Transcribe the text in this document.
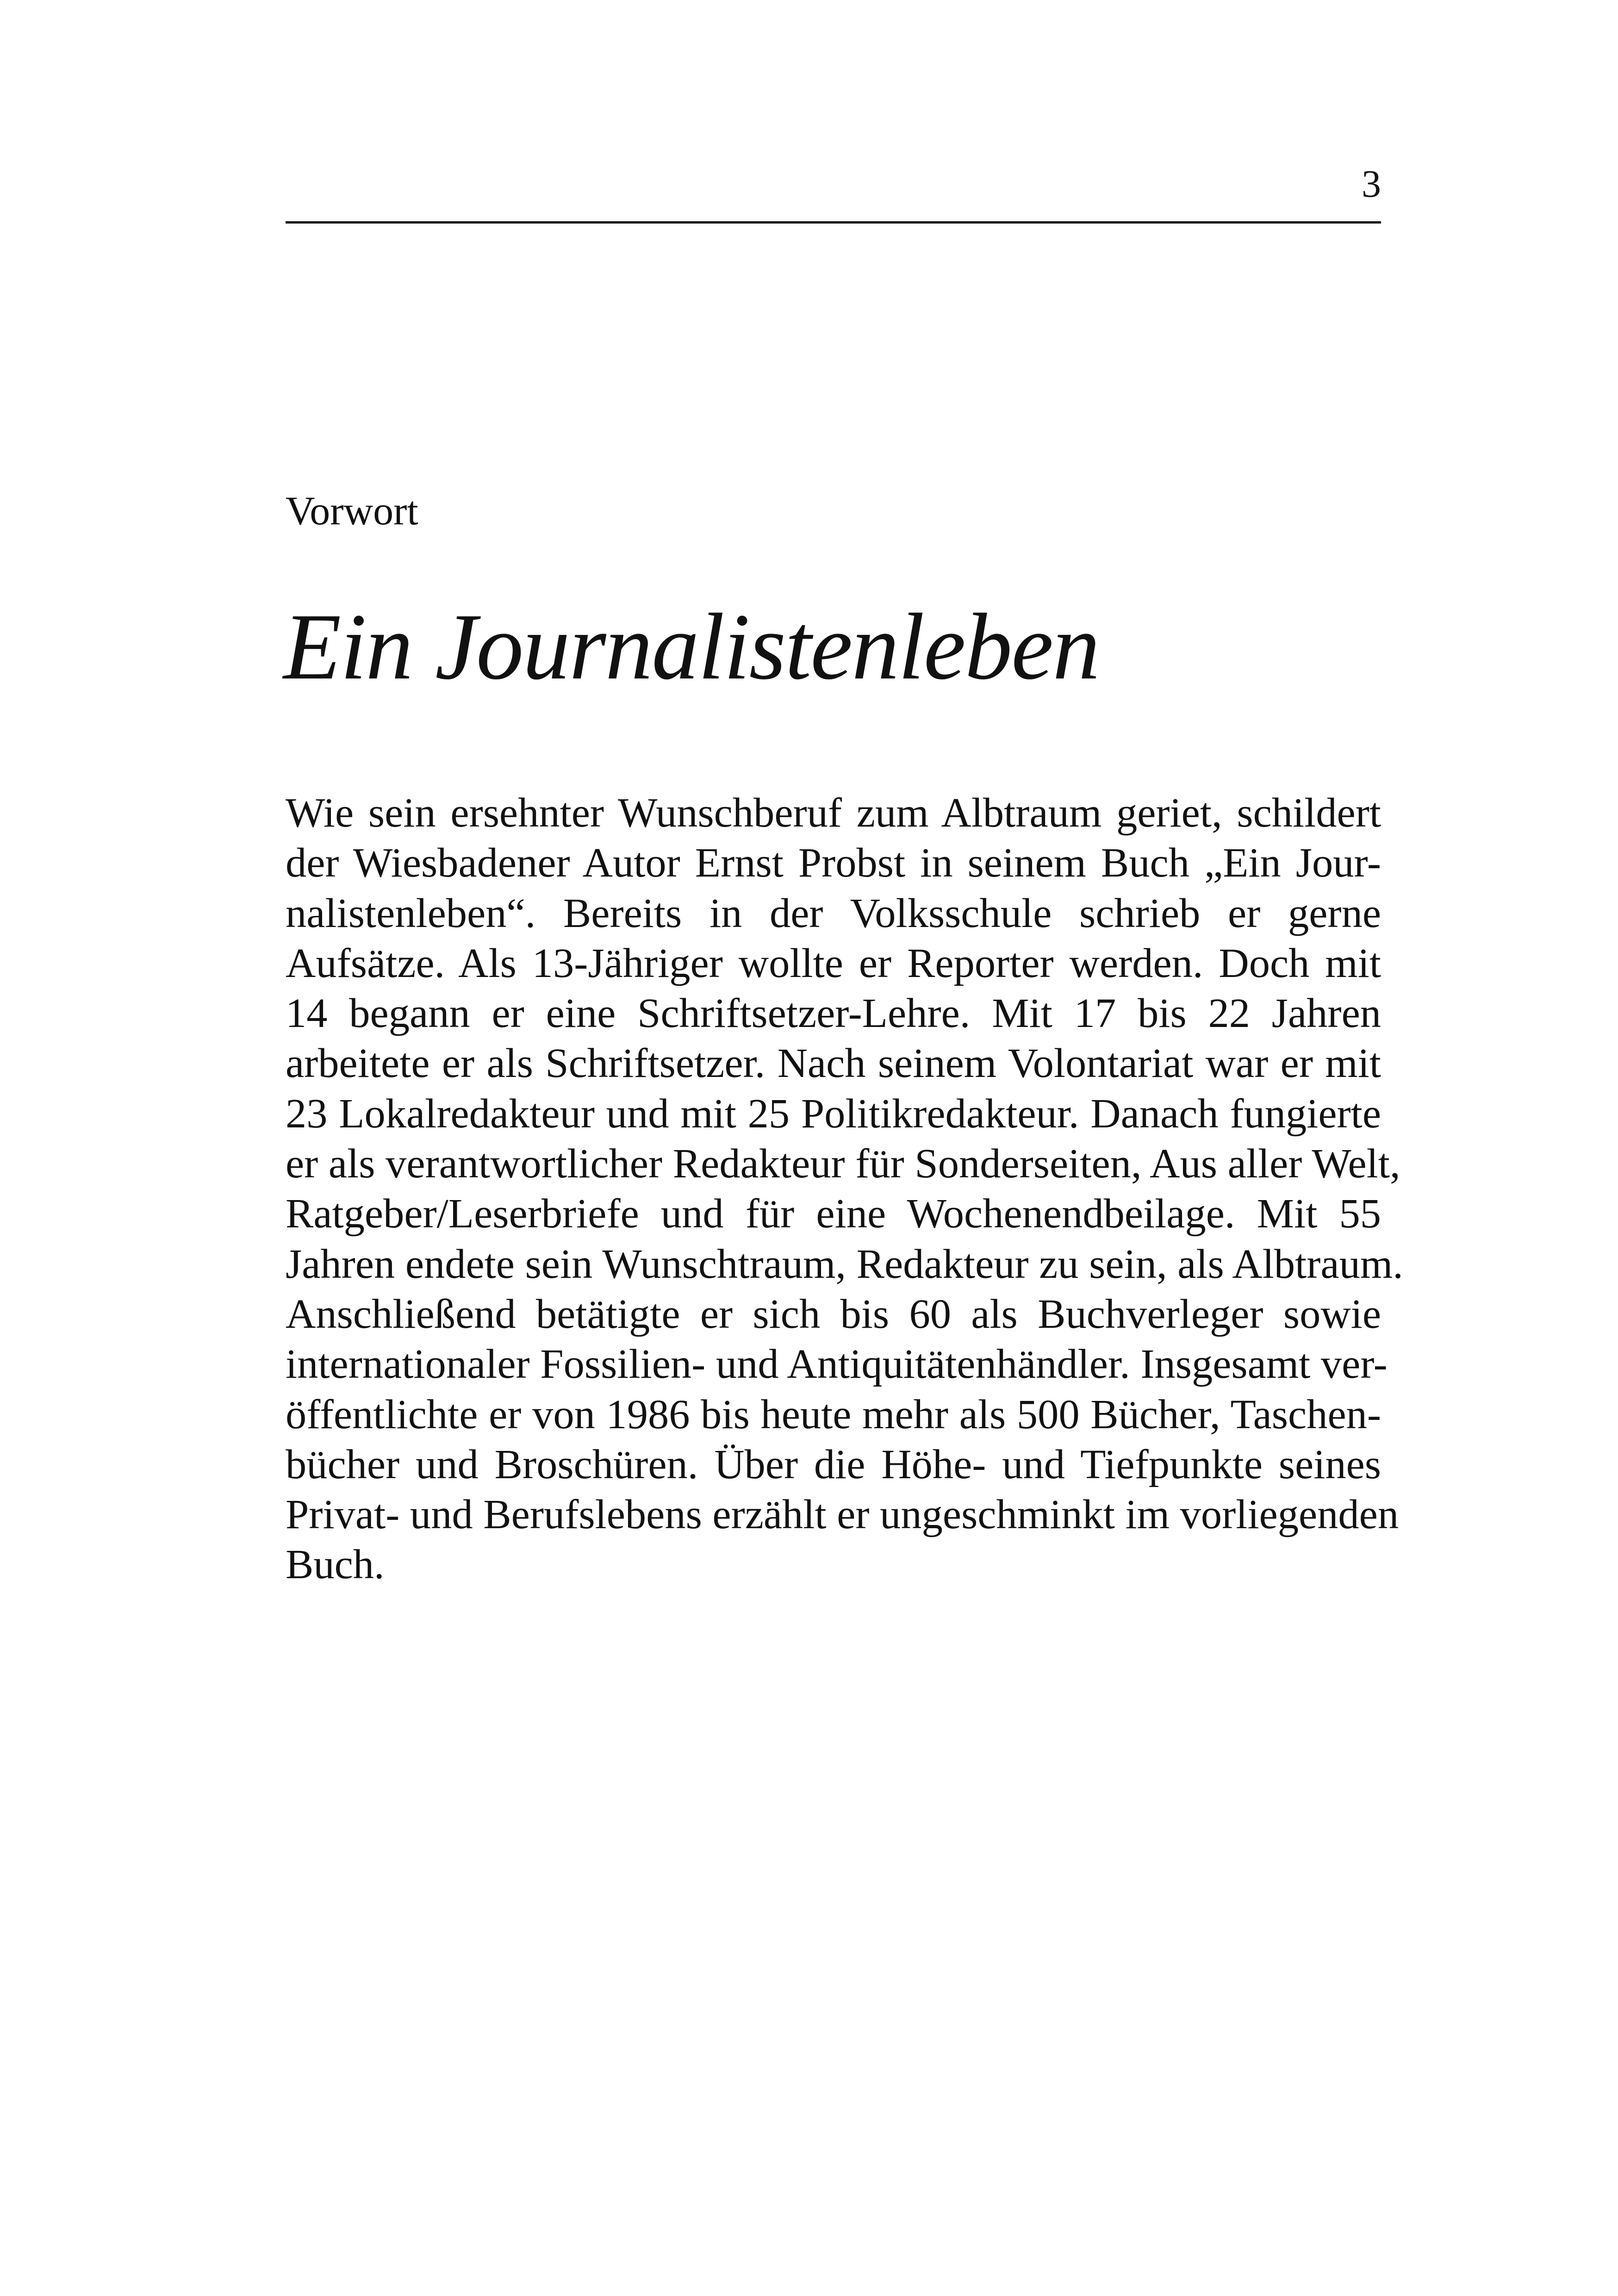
3
Vorwort
Ein Journalistenleben
Wie sein ersehnter Wunschberuf zum Albtraum geriet, schildert
der Wiesbadener Autor Ernst Probst in seinem Buch „Ein Jour-
nalistenleben“. Bereits in der Volksschule schrieb er gerne
Aufsätze. Als 13-Jähriger wollte er Reporter werden. Doch mit
14 begann er eine Schriftsetzer-Lehre. Mit 17 bis 22 Jahren
arbeitete er als Schriftsetzer. Nach seinem Volontariat war er mit
23 Lokalredakteur und mit 25 Politikredakteur. Danach fungierte
er als verantwortlicher Redakteur für Sonderseiten, Aus aller Welt,
Ratgeber/Leserbriefe und für eine Wochenendbeilage. Mit 55
Jahren endete sein Wunschtraum, Redakteur zu sein, als Albtraum.
Anschließend betätigte er sich bis 60 als Buchverleger sowie
internationaler Fossilien- und Antiquitätenhändler. Insgesamt ver-
öffentlichte er von 1986 bis heute mehr als 500 Bücher, Taschen-
bücher und Broschüren. Über die Höhe- und Tiefpunkte seines
Privat- und Berufslebens erzählt er ungeschminkt im vorliegenden
Buch.
